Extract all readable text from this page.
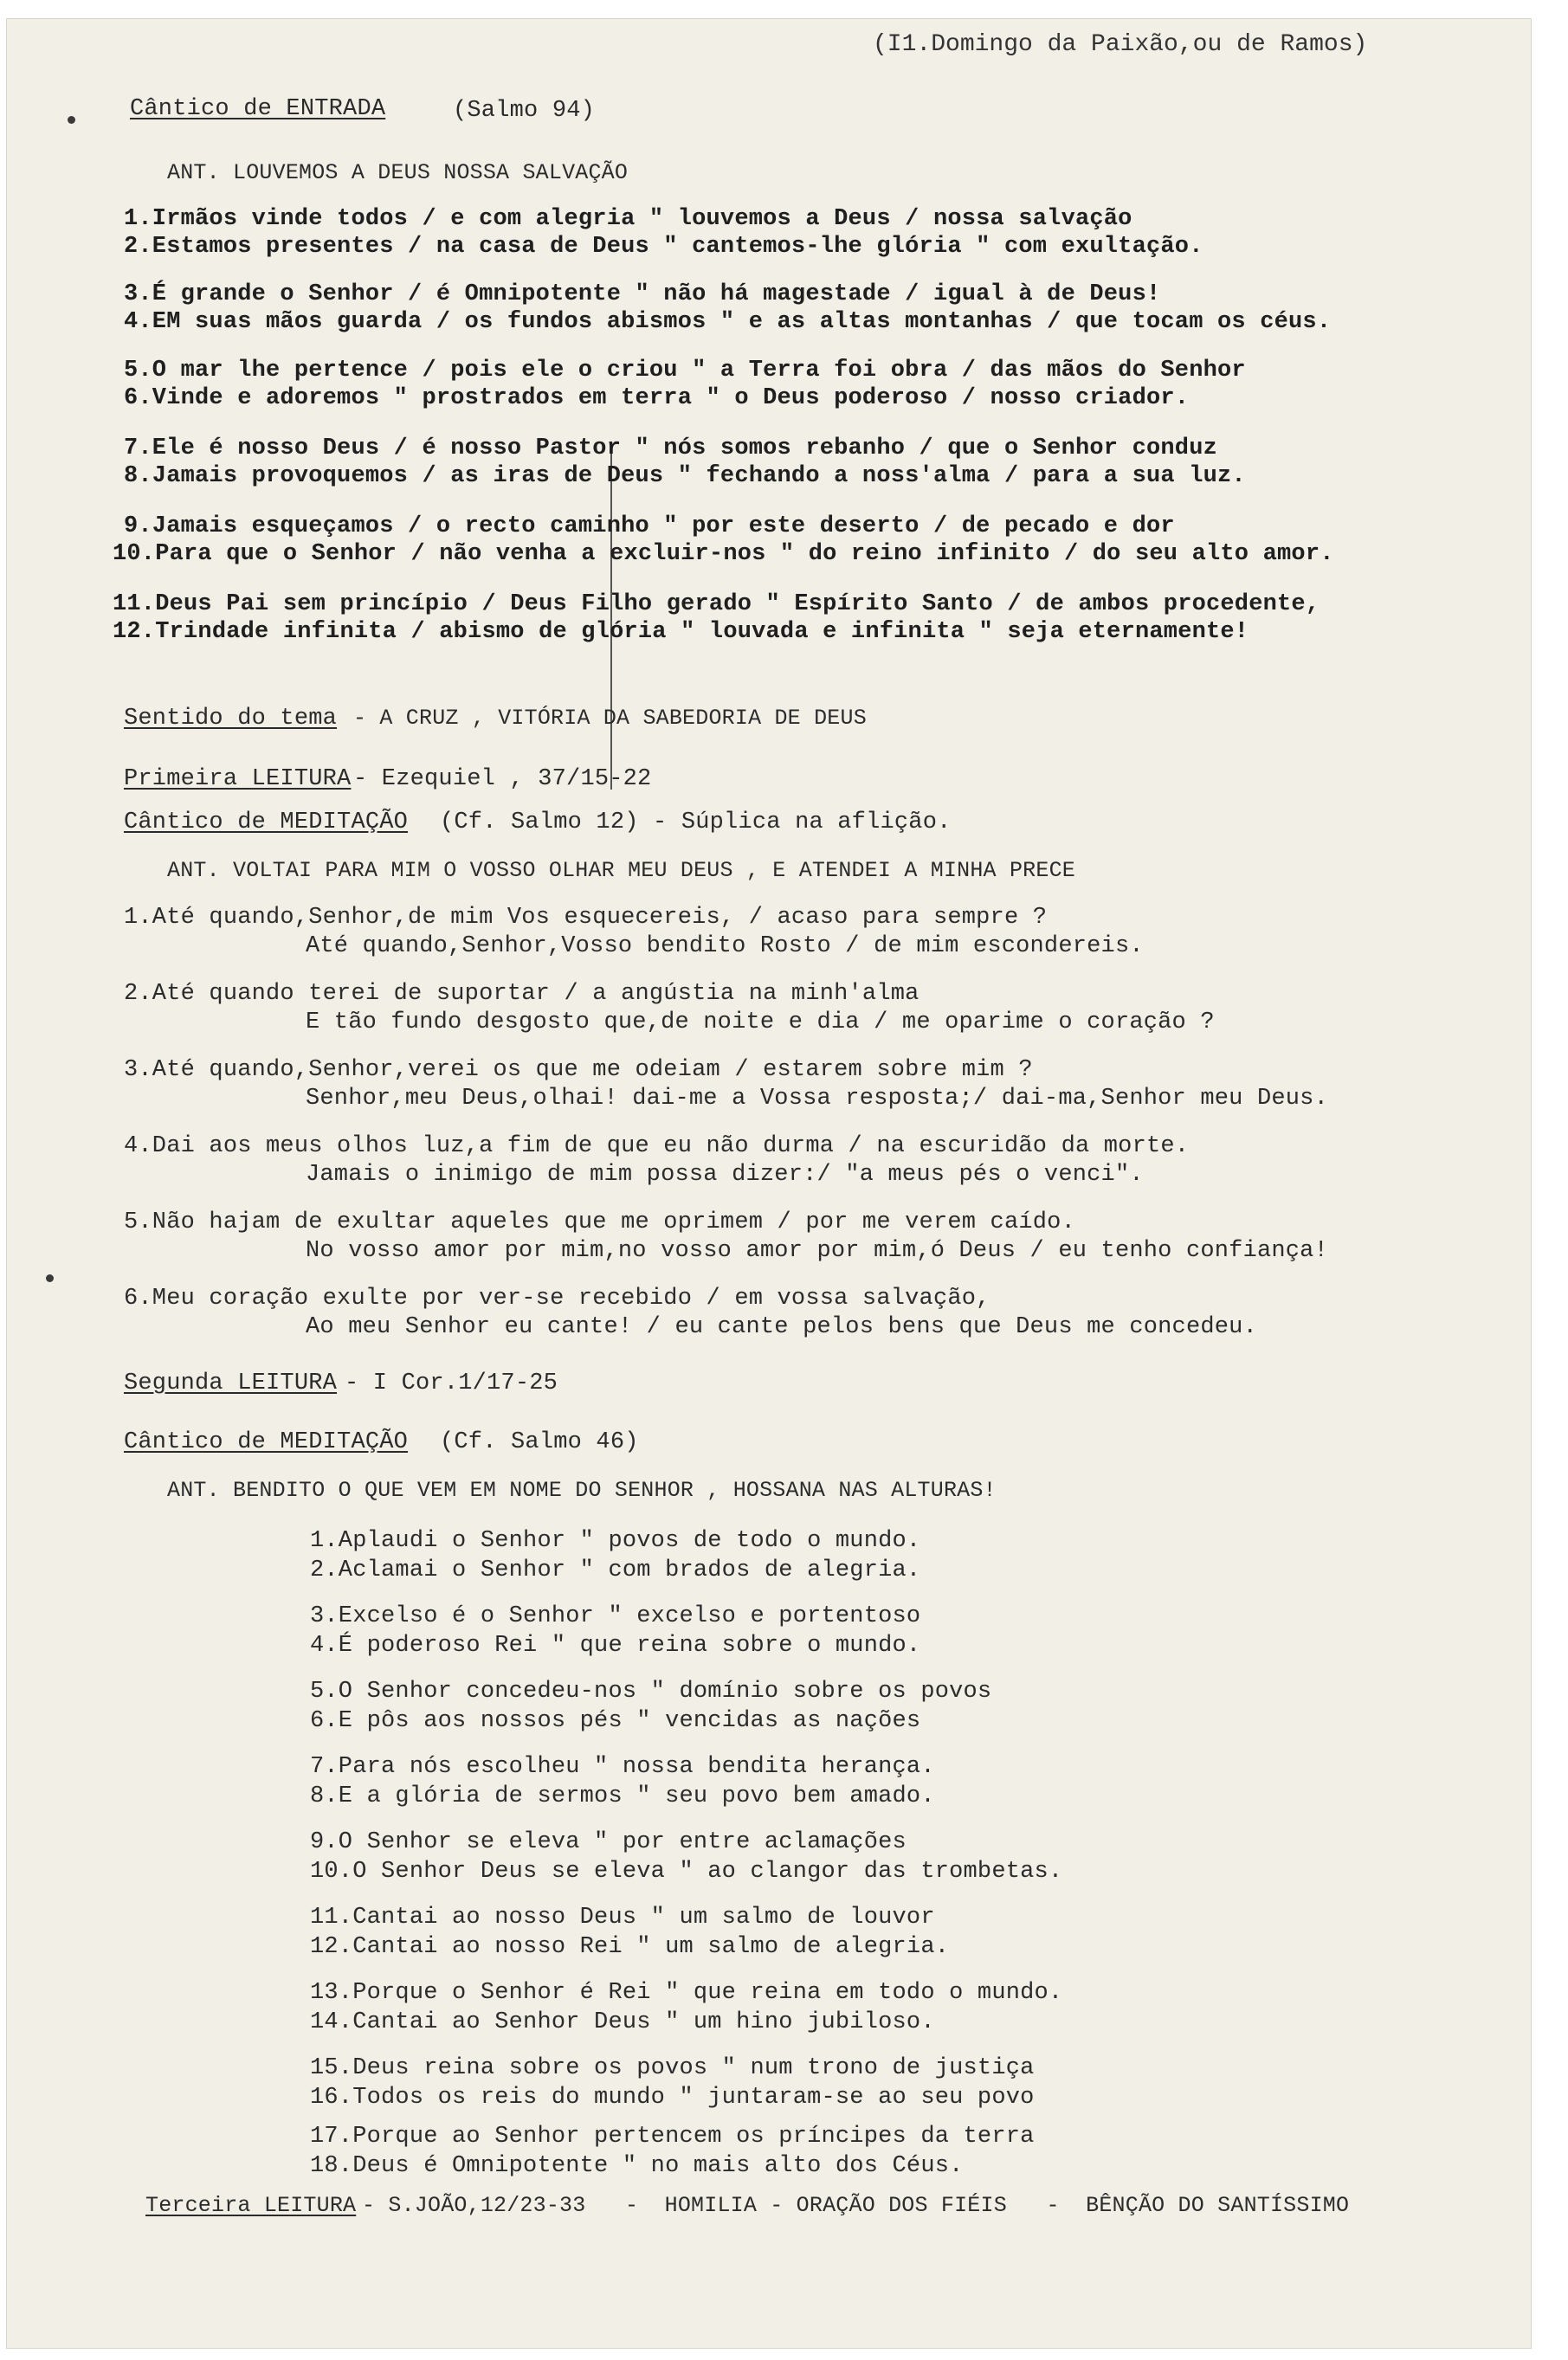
(I1.Domingo da Paixão,ou de Ramos)
Cântico de ENTRADA	(Salmo 94)
ANT. LOUVEMOS A DEUS NOSSA SALVAÇÃO
1.Irmãos vinde todos / e com alegria " louvemos a Deus / nossa salvação
2.Estamos presentes / na casa de Deus " cantemos-lhe glória " com exultação.
3.É grande o Senhor / é Omnipotente " não há magestade / igual à de Deus!
4.EM suas mãos guarda / os fundos abismos " e as altas montanhas / que tocam os céus.
5.O mar lhe pertence / pois ele o criou " a Terra foi obra / das mãos do Senhor
6.Vinde e adoremos " prostrados em terra " o Deus poderoso / nosso criador.
7.Ele é nosso Deus / é nosso Pastor " nós somos rebanho / que o Senhor conduz
8.Jamais provoquemos / as iras de Deus " fechando a noss'alma / para a sua luz.
9.Jamais esqueçamos / o recto caminho " por este deserto / de pecado e dor
10.Para que o Senhor / não venha a excluir-nos " do reino infinito / do seu alto amor.
11.Deus Pai sem princípio / Deus Filho gerado " Espírito Santo / de ambos procedente,
12.Trindade infinita / abismo de glória " louvada e infinita " seja eternamente!
Sentido do tema - A CRUZ , VITÓRIA DA SABEDORIA DE DEUS
Primeira LEITURA - Ezequiel , 37/15-22
Cântico de MEDITAÇÃO (Cf. Salmo 12) - Súplica na aflição.
ANT. VOLTAI PARA MIM O VOSSO OLHAR MEU DEUS , E ATENDEI A MINHA PRECE
1.Até quando,Senhor,de mim Vos esquecereis, / acaso para sempre ?
Até quando,Senhor,Vosso bendito Rosto / de mim escondereis.
2.Até quando terei de suportar / a angústia na minh'alma
E tão fundo desgosto que,de noite e dia / me oparime o coração ?
3.Até quando,Senhor,verei os que me odeiam / estarem sobre mim ?
Senhor,meu Deus,olhai! dai-me a Vossa resposta;/ dai-ma,Senhor meu Deus.
4.Dai aos meus olhos luz,a fim de que eu não durma / na escuridão da morte.
Jamais o inimigo de mim possa dizer:/ "a meus pés o venci".
5.Não hajam de exultar aqueles que me oprimem / por me verem caído.
No vosso amor por mim,no vosso amor por mim,ó Deus / eu tenho confiança!
6.Meu coração exulte por ver-se recebido / em vossa salvação,
Ao meu Senhor eu cante! / eu cante pelos bens que Deus me concedeu.
Segunda LEITURA - I Cor.1/17-25
Cântico de MEDITAÇÃO (Cf. Salmo 46)
ANT. BENDITO O QUE VEM EM NOME DO SENHOR , HOSSANA NAS ALTURAS!
1.Aplaudi o Senhor " povos de todo o mundo.
2.Aclamai o Senhor " com brados de alegria.
3.Excelso é o Senhor " excelso e portentoso
4.É poderoso Rei " que reina sobre o mundo.
5.O Senhor concedeu-nos " domínio sobre os povos
6.E pôs aos nossos pés " vencidas as nações
7.Para nós escolheu " nossa bendita herança.
8.E a glória de sermos " seu povo bem amado.
9.O Senhor se eleva " por entre aclamações
10.O Senhor Deus se eleva " ao clangor das trombetas.
11.Cantai ao nosso Deus " um salmo de louvor
12.Cantai ao nosso Rei " um salmo de alegria.
13.Porque o Senhor é Rei " que reina em todo o mundo.
14.Cantai ao Senhor Deus " um hino jubiloso.
15.Deus reina sobre os povos " num trono de justiça
16.Todos os reis do mundo " juntaram-se ao seu povo
17.Porque ao Senhor pertencem os príncipes da terra
18.Deus é Omnipotente " no mais alto dos Céus.
Terceira LEITURA - S.JOÃO,12/23-33   -  HOMILIA - ORAÇÃO DOS FIÉIS   -  BÊNÇÃO DO SANTÍSSIMO
